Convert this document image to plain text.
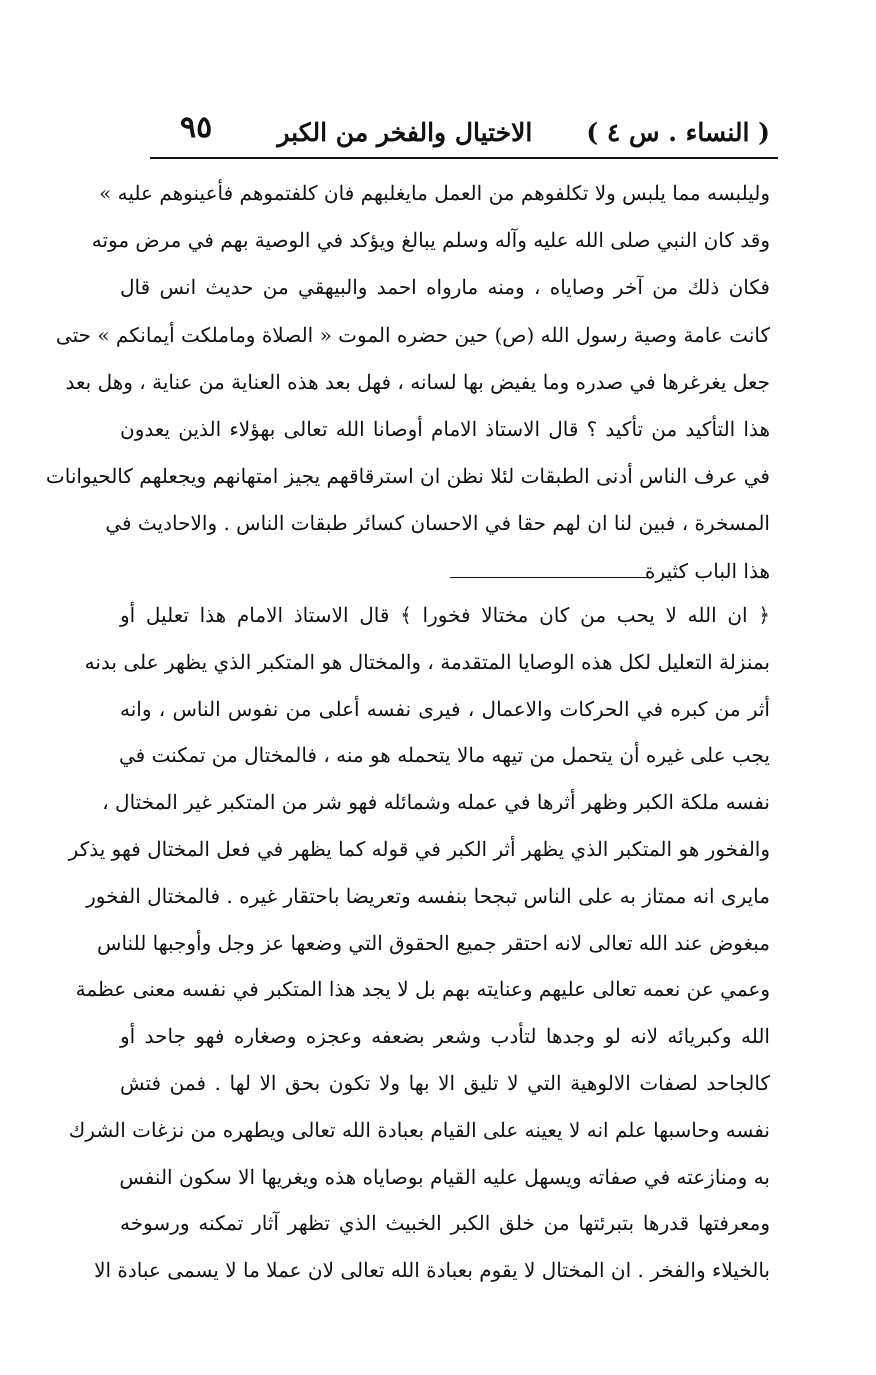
( النساء . س ٤ )
الاختيال والفخر من الكبر
٩٥
وليلبسه مما يلبس ولا تكلفوهم من العمل مايغلبهم فان كلفتموهم فأعينوهم عليه »
وقد كان النبي صلى الله عليه وآله وسلم يبالغ ويؤكد في الوصية بهم في مرض موته
فكان ذلك من آخر وصاياه ، ومنه مارواه احمد والبيهقي من حديث انس قال
كانت عامة وصية رسول الله (ص) حين حضره الموت « الصلاة وماملكت أيمانكم » حتى
جعل يغرغرها في صدره وما يفيض بها لسانه ، فهل بعد هذه العناية من عناية ، وهل بعد
هذا التأكيد من تأكيد ؟ قال الاستاذ الامام أوصانا الله تعالى بهؤلاء الذين يعدون
في عرف الناس أدنى الطبقات لئلا نظن ان استرقاقهم يجيز امتهانهم ويجعلهم كالحيوانات
المسخرة ، فبين لنا ان لهم حقا في الاحسان كسائر طبقات الناس . والاحاديث في
هذا الباب كثيرة
﴿ ان الله لا يحب من كان مختالا فخورا ﴾ قال الاستاذ الامام هذا تعليل أو
بمنزلة التعليل لكل هذه الوصايا المتقدمة ، والمختال هو المتكبر الذي يظهر على بدنه
أثر من كبره في الحركات والاعمال ، فيرى نفسه أعلى من نفوس الناس ، وانه
يجب على غيره أن يتحمل من تيهه مالا يتحمله هو منه ، فالمختال من تمكنت في
نفسه ملكة الكبر وظهر أثرها في عمله وشمائله فهو شر من المتكبر غير المختال ،
والفخور هو المتكبر الذي يظهر أثر الكبر في قوله كما يظهر في فعل المختال فهو يذكر
مايرى انه ممتاز به على الناس تبجحا بنفسه وتعريضا باحتقار غيره . فالمختال الفخور
مبغوض عند الله تعالى لانه احتقر جميع الحقوق التي وضعها عز وجل وأوجبها للناس
وعمي عن نعمه تعالى عليهم وعنايته بهم بل لا يجد هذا المتكبر في نفسه معنى عظمة
الله وكبريائه لانه لو وجدها لتأدب وشعر بضعفه وعجزه وصغاره فهو جاحد أو
كالجاحد لصفات الالوهية التي لا تليق الا بها ولا تكون بحق الا لها . فمن فتش
نفسه وحاسبها علم انه لا يعينه على القيام بعبادة الله تعالى ويطهره من نزغات الشرك
به ومنازعته في صفاته ويسهل عليه القيام بوصاياه هذه ويغريها الا سكون النفس
ومعرفتها قدرها بتبرئتها من خلق الكبر الخبيث الذي تظهر آثار تمكنه ورسوخه
بالخيلاء والفخر . ان المختال لا يقوم بعبادة الله تعالى لان عملا ما لا يسمى عبادة الا
